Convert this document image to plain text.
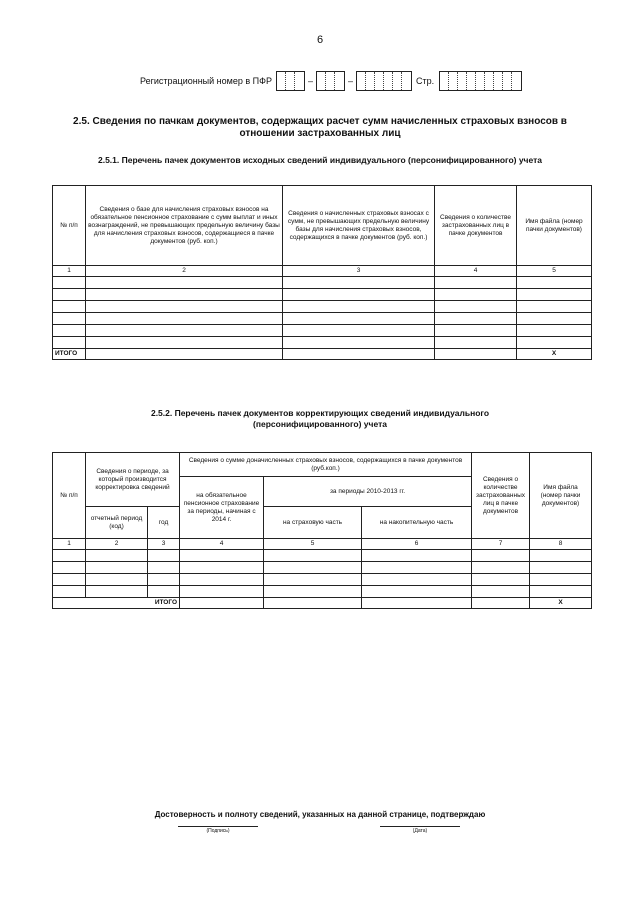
6
Регистрационный номер в ПФР	–	–	Стр.
2.5. Сведения по пачкам документов, содержащих расчет сумм начисленных страховых взносов в отношении застрахованных лиц
2.5.1. Перечень пачек документов исходных сведений индивидуального (персонифицированного) учета
№ п/п	Сведения о базе для начисления страховых взносов на обязательное пенсионное страхование с сумм выплат и иных вознаграждений, не превышающих предельную величину базы для начисления страховых взносов, содержащиеся в пачке документов (руб. коп.)	Сведения о начисленных страховых взносах с сумм, не превышающих предельную величину базы для начисления страховых взносов, содержащихся в пачке документов (руб. коп.)	Сведения о количестве застрахованных лиц в пачке документов	Имя файла (номер пачки документов)
1	2	3	4	5

ИТОГО				Х
2.5.2. Перечень пачек документов корректирующих сведений индивидуального (персонифицированного) учета
№ п/п	Сведения о периоде, за который производится корректировка сведений		Сведения о сумме доначисленных страховых взносов, содержащихся в пачке документов (руб.коп.)			Сведения о количестве застрахованных лиц в пачке документов	Имя файла (номер пачки документов)
			на обязательное пенсионное страхование за периоды, начиная с 2014 г.	за периоды 2010-2013 гг.			
	отчетный период (код)	год		на страховую часть	на накопительную часть		
1	2	3	4	5	6	7	8

ИТОГО							Х
Достоверность и полноту сведений, указанных на данной странице, подтверждаю
(Подпись)	(Дата)
